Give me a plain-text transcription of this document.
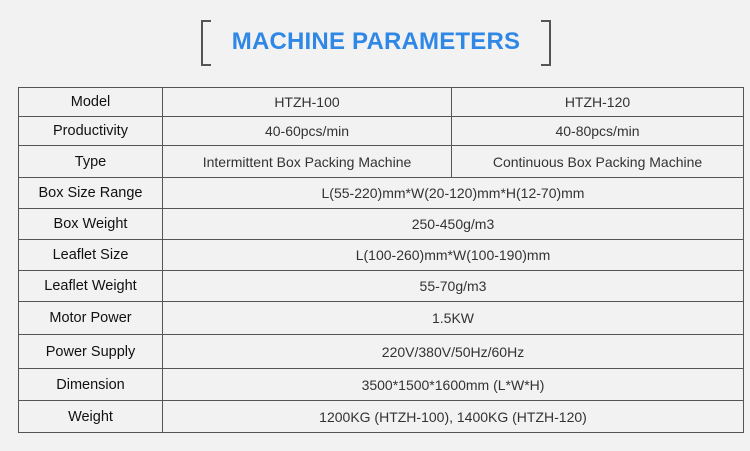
MACHINE PARAMETERS
Model	HTZH-100	HTZH-120
Productivity	40-60pcs/min	40-80pcs/min
Type	Intermittent Box Packing Machine	Continuous Box Packing Machine
Box Size Range	L(55-220)mm*W(20-120)mm*H(12-70)mm	
Box Weight	250-450g/m3	
Leaflet Size	L(100-260)mm*W(100-190)mm	
Leaflet Weight	55-70g/m3	
Motor Power	1.5KW	
Power Supply	220V/380V/50Hz/60Hz	
Dimension	3500*1500*1600mm (L*W*H)	
Weight	1200KG (HTZH-100), 1400KG (HTZH-120)	
